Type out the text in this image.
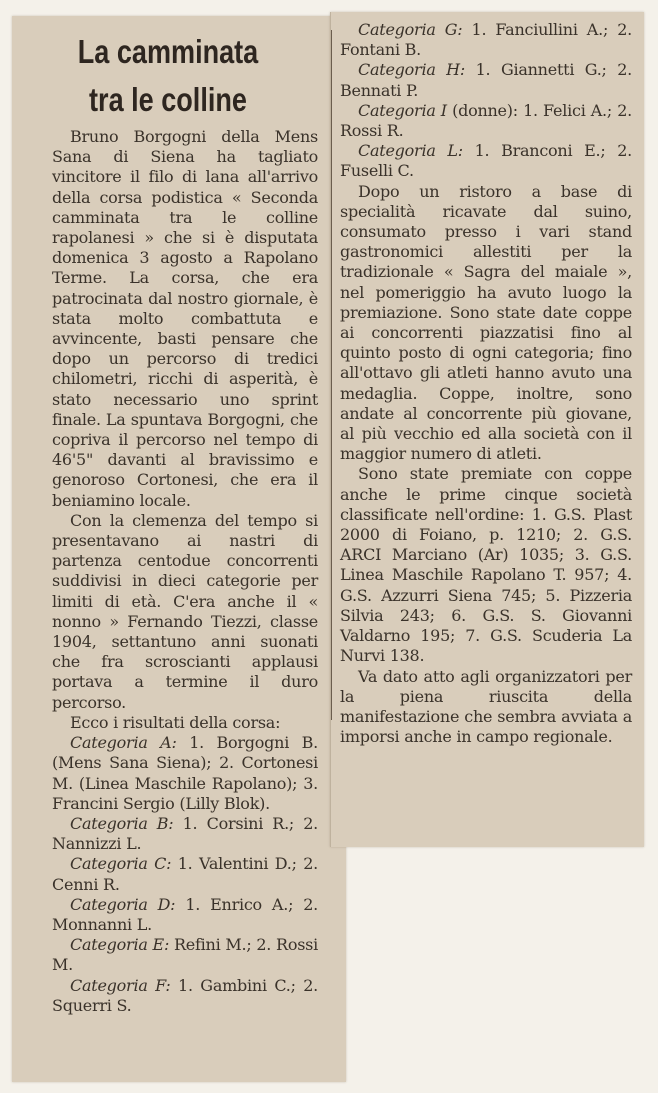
La camminata
tra le colline

Bruno Borgogni della Mens Sana di Siena ha tagliato vincitore il filo di lana all'arrivo della corsa podistica « Seconda camminata tra le colline rapolanesi » che si è disputata domenica 3 agosto a Rapolano Terme. La corsa, che era patrocinata dal nostro giornale, è stata molto combattuta e avvincente, basti pensare che dopo un percorso di tredici chilometri, ricchi di asperità, è stato necessario uno sprint finale. La spuntava Borgogni, che copriva il percorso nel tempo di 46'5" davanti al bravissimo e genoroso Cortonesi, che era il beniamino locale.

Con la clemenza del tempo si presentavano ai nastri di partenza centodue concorrenti suddivisi in dieci categorie per limiti di età. C'era anche il « nonno » Fernando Tiezzi, classe 1904, settantuno anni suonati che fra scroscianti applausi portava a termine il duro percorso.

Ecco i risultati della corsa:

Categoria A: 1. Borgogni B. (Mens Sana Siena); 2. Cortonesi M. (Linea Maschile Rapolano); 3. Francini Sergio (Lilly Blok).

Categoria B: 1. Corsini R.; 2. Nannizzi L.

Categoria C: 1. Valentini D.; 2. Cenni R.

Categoria D: 1. Enrico A.; 2. Monnanni L.

Categoria E: Refini M.; 2. Rossi M.

Categoria F: 1. Gambini C.; 2. Squerri S.

Categoria G: 1. Fanciullini A.; 2. Fontani B.

Categoria H: 1. Giannetti G.; 2. Bennati P.

Categoria I (donne): 1. Felici A.; 2. Rossi R.

Categoria L: 1. Branconi E.; 2. Fuselli C.

Dopo un ristoro a base di specialità ricavate dal suino, consumato presso i vari stand gastronomici allestiti per la tradizionale « Sagra del maiale », nel pomeriggio ha avuto luogo la premiazione. Sono state date coppe ai concorrenti piazzatisi fino al quinto posto di ogni categoria; fino all'ottavo gli atleti hanno avuto una medaglia. Coppe, inoltre, sono andate al concorrente più giovane, al più vecchio ed alla società con il maggior numero di atleti.

Sono state premiate con coppe anche le prime cinque società classificate nell'ordine: 1. G.S. Plast 2000 di Foiano, p. 1210; 2. G.S. ARCI Marciano (Ar) 1035; 3. G.S. Linea Maschile Rapolano T. 957; 4. G.S. Azzurri Siena 745; 5. Pizzeria Silvia 243; 6. G.S. S. Giovanni Valdarno 195; 7. G.S. Scuderia La Nurvi 138.

Va dato atto agli organizzatori per la piena riuscita della manifestazione che sembra avviata a imporsi anche in campo regionale.
